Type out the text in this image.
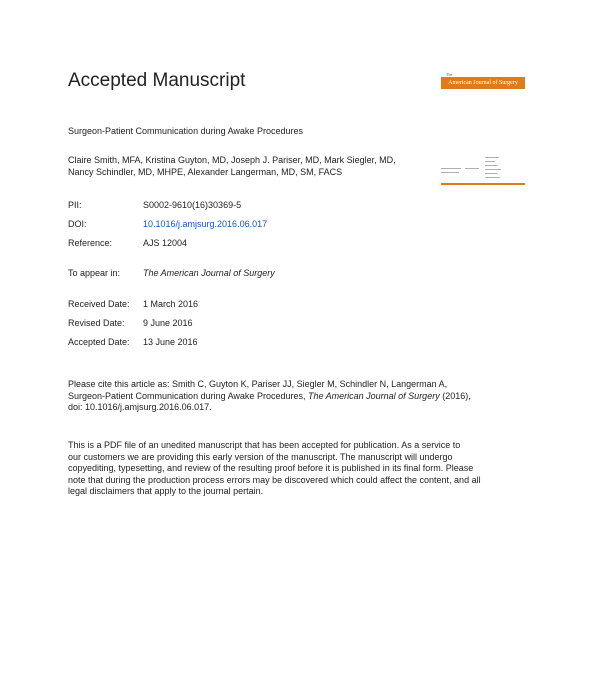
Accepted Manuscript	The
American Journal of Surgery
Surgeon-Patient Communication during Awake Procedures
Claire Smith, MFA, Kristina Guyton, MD, Joseph J. Pariser, MD, Mark Siegler, MD,
Nancy Schindler, MD, MHPE, Alexander Langerman, MD, SM, FACS
PII:	S0002-9610(16)30369-5
DOI:	10.1016/j.amjsurg.2016.06.017
Reference:	AJS 12004
To appear in:	The American Journal of Surgery
Received Date: 1 March 2016
Revised Date: 9 June 2016
Accepted Date: 13 June 2016
Please cite this article as: Smith C, Guyton K, Pariser JJ, Siegler M, Schindler N, Langerman A,
Surgeon-Patient Communication during Awake Procedures, The American Journal of Surgery (2016),
doi: 10.1016/j.amjsurg.2016.06.017.
This is a PDF file of an unedited manuscript that has been accepted for publication. As a service to
our customers we are providing this early version of the manuscript. The manuscript will undergo
copyediting, typesetting, and review of the resulting proof before it is published in its final form. Please
note that during the production process errors may be discovered which could affect the content, and all
legal disclaimers that apply to the journal pertain.
